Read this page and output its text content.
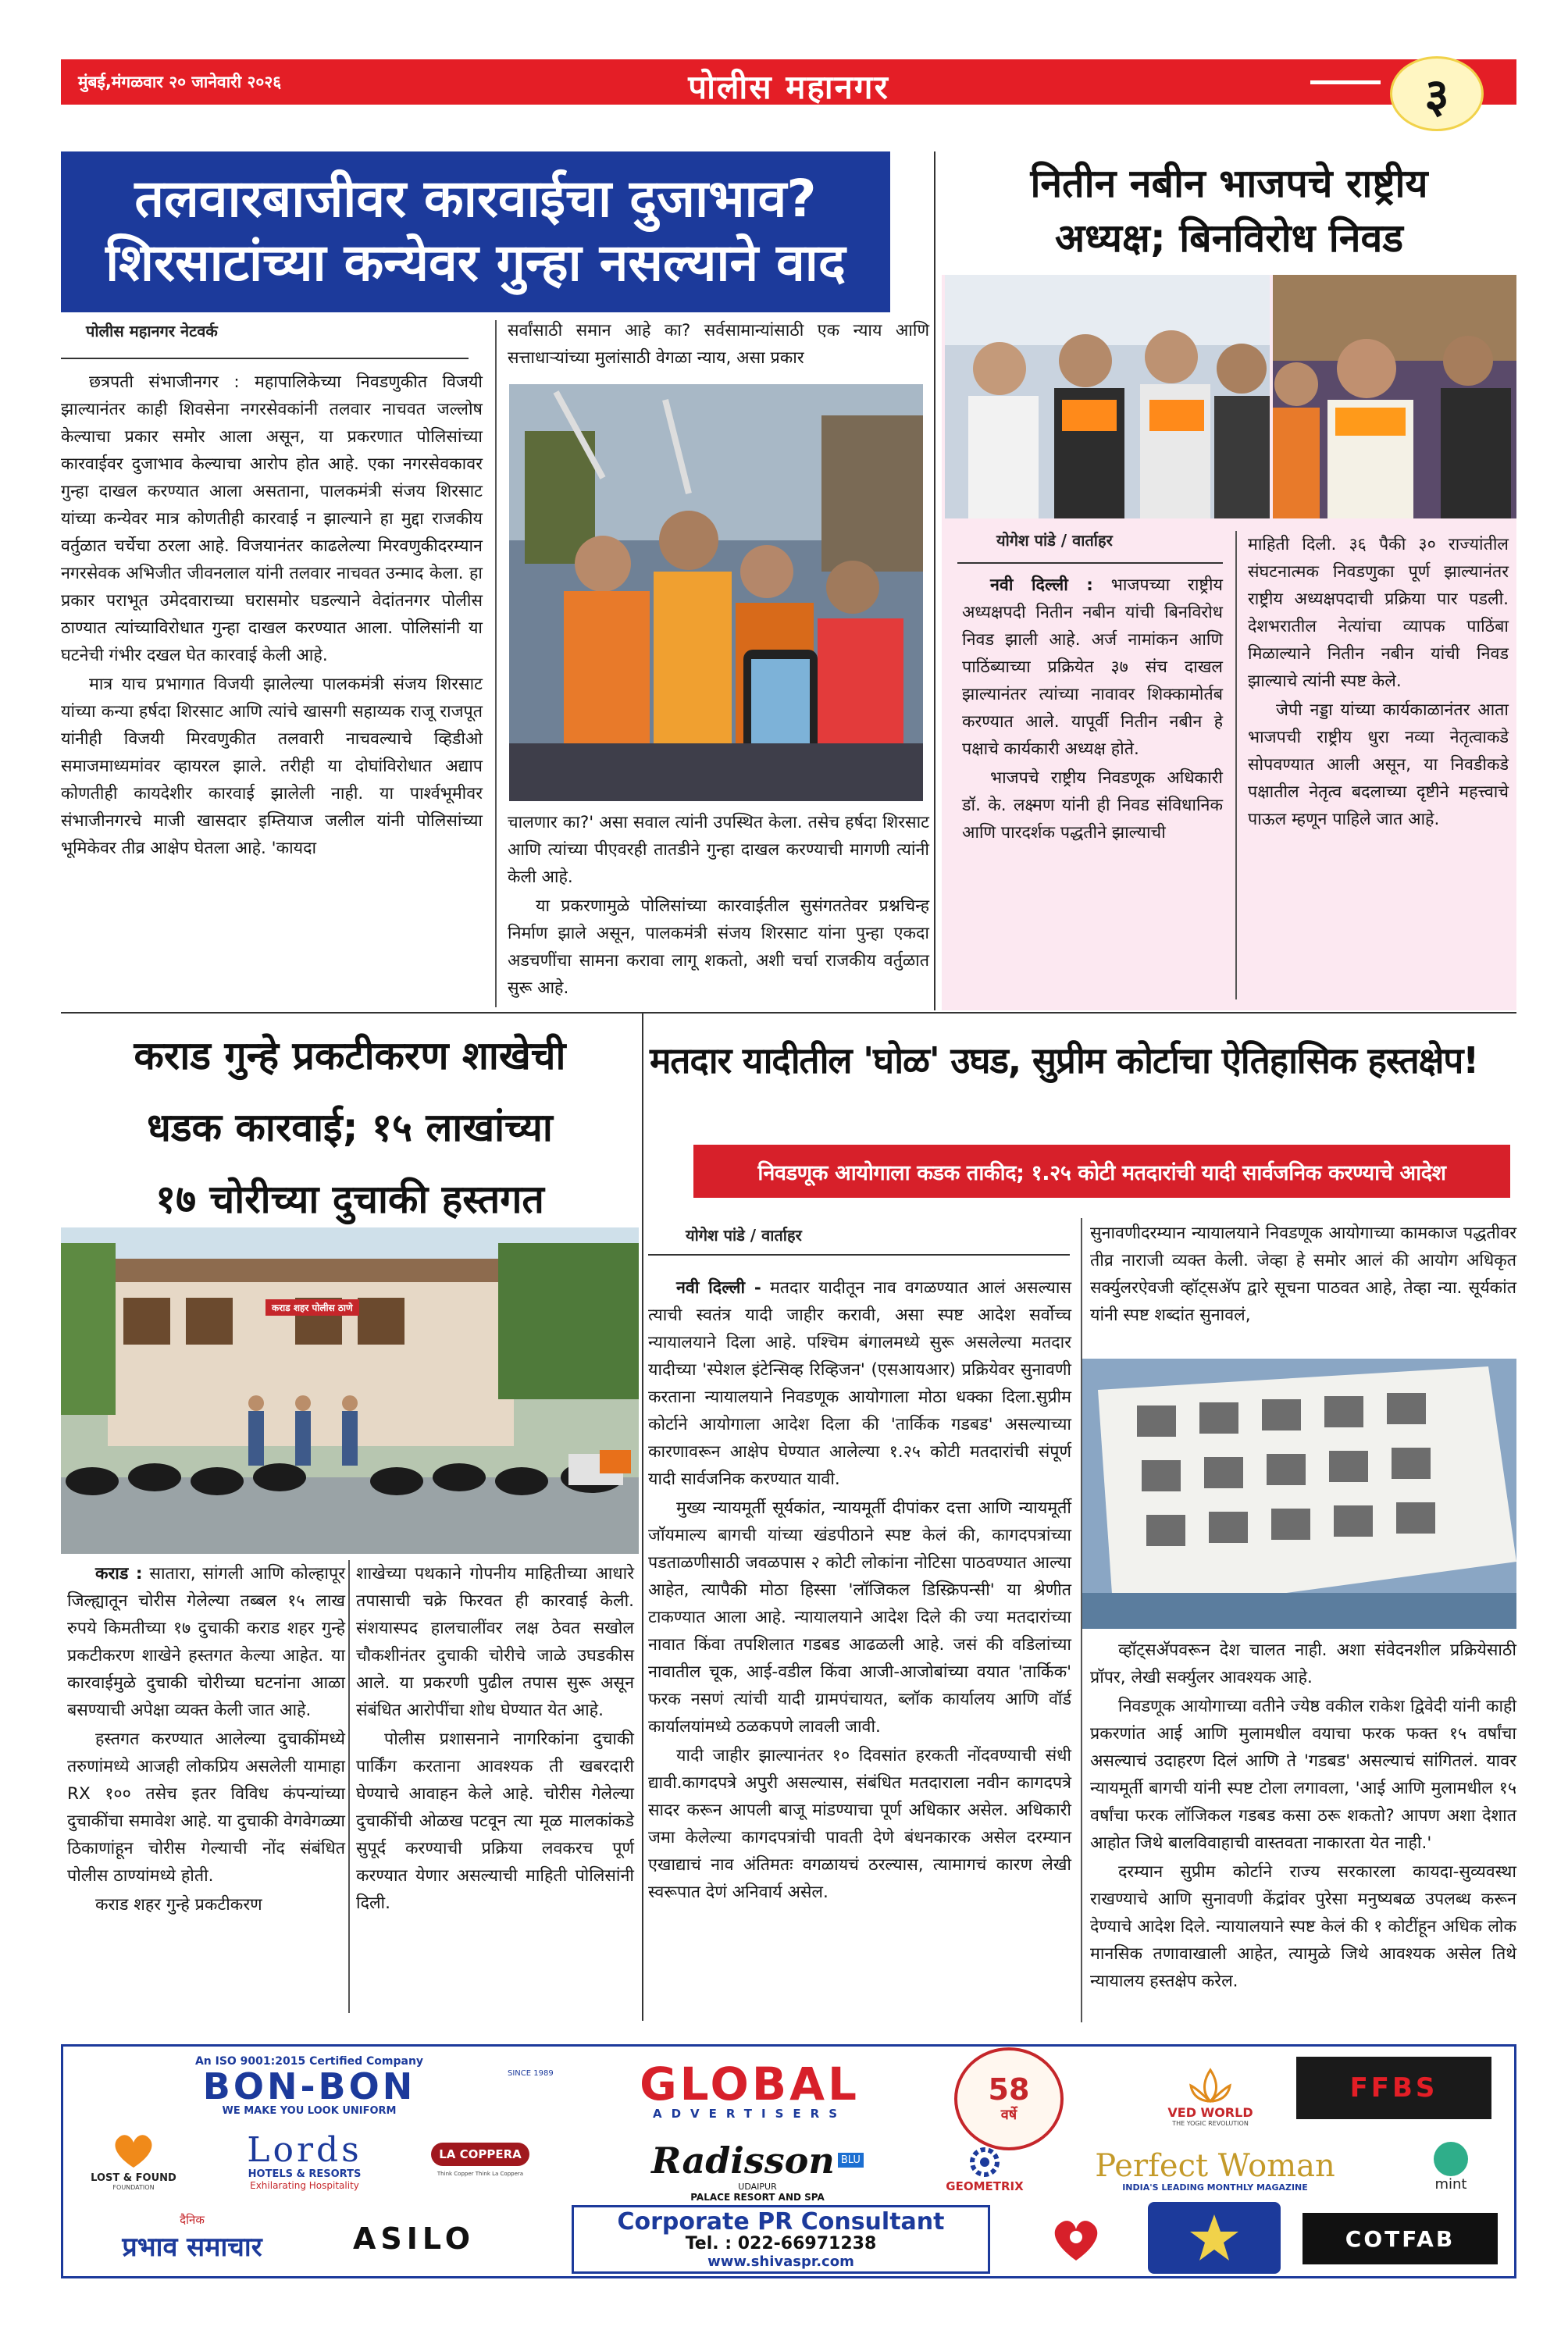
मुंबई,मंगळवार २० जानेवारी २०२६	पोलीस महानगर	३
तलवारबाजीवर कारवाईचा दुजाभाव?
शिरसाटांच्या कन्येवर गुन्हा नसल्याने वाद
पोलीस महानगर नेटवर्क

छत्रपती संभाजीनगर : महापालिकेच्या निवडणुकीत विजयी झाल्यानंतर काही शिवसेना नगरसेवकांनी तलवार नाचवत जल्लोष केल्याचा प्रकार समोर आला असून, या प्रकरणात पोलिसांच्या कारवाईवर दुजाभाव केल्याचा आरोप होत आहे. एका नगरसेवकावर गुन्हा दाखल करण्यात आला असताना, पालकमंत्री संजय शिरसाट यांच्या कन्येवर मात्र कोणतीही कारवाई न झाल्याने हा मुद्दा राजकीय वर्तुळात चर्चेचा ठरला आहे. विजयानंतर काढलेल्या मिरवणुकीदरम्यान नगरसेवक अभिजीत जीवनलाल यांनी तलवार नाचवत उन्माद केला. हा प्रकार पराभूत उमेदवाराच्या घरासमोर घडल्याने वेदांतनगर पोलीस ठाण्यात त्यांच्याविरोधात गुन्हा दाखल करण्यात आला. पोलिसांनी या घटनेची गंभीर दखल घेत कारवाई केली आहे.

मात्र याच प्रभागात विजयी झालेल्या पालकमंत्री संजय शिरसाट यांच्या कन्या हर्षदा शिरसाट आणि त्यांचे खासगी सहाय्यक राजू राजपूत यांनीही विजयी मिरवणुकीत तलवारी नाचवल्याचे व्हिडीओ समाजमाध्यमांवर व्हायरल झाले. तरीही या दोघांविरोधात अद्याप कोणतीही कायदेशीर कारवाई झालेली नाही. या पार्श्वभूमीवर संभाजीनगरचे माजी खासदार इम्तियाज जलील यांनी पोलिसांच्या भूमिकेवर तीव्र आक्षेप घेतला आहे. 'कायदा

सर्वांसाठी समान आहे का? सर्वसामान्यांसाठी एक न्याय आणि सत्ताधाऱ्यांच्या मुलांसाठी वेगळा न्याय, असा प्रकार

चालणार का?' असा सवाल त्यांनी उपस्थित केला. तसेच हर्षदा शिरसाट आणि त्यांच्या पीएवरही तातडीने गुन्हा दाखल करण्याची मागणी त्यांनी केली आहे.

या प्रकरणामुळे पोलिसांच्या कारवाईतील सुसंगततेवर प्रश्नचिन्ह निर्माण झाले असून, पालकमंत्री संजय शिरसाट यांना पुन्हा एकदा अडचणींचा सामना करावा लागू शकतो, अशी चर्चा राजकीय वर्तुळात सुरू आहे.

नितीन नबीन भाजपचे राष्ट्रीय
अध्यक्ष; बिनविरोध निवड
योगेश पांडे / वार्ताहर

नवी दिल्ली : भाजपच्या राष्ट्रीय अध्यक्षपदी नितीन नबीन यांची बिनविरोध निवड झाली आहे. अर्ज नामांकन आणि पाठिंब्याच्या प्रक्रियेत ३७ संच दाखल झाल्यानंतर त्यांच्या नावावर शिक्कामोर्तब करण्यात आले. यापूर्वी नितीन नबीन हे पक्षाचे कार्यकारी अध्यक्ष होते.

भाजपचे राष्ट्रीय निवडणूक अधिकारी डॉ. के. लक्ष्मण यांनी ही निवड संविधानिक आणि पारदर्शक पद्धतीने झाल्याची

माहिती दिली. ३६ पैकी ३० राज्यांतील संघटनात्मक निवडणुका पूर्ण झाल्यानंतर राष्ट्रीय अध्यक्षपदाची प्रक्रिया पार पडली. देशभरातील नेत्यांचा व्यापक पाठिंबा मिळाल्याने नितीन नबीन यांची निवड झाल्याचे त्यांनी स्पष्ट केले.

जेपी नड्डा यांच्या कार्यकाळानंतर आता भाजपची राष्ट्रीय धुरा नव्या नेतृत्वाकडे सोपवण्यात आली असून, या निवडीकडे पक्षातील नेतृत्व बदलाच्या दृष्टीने महत्त्वाचे पाऊल म्हणून पाहिले जात आहे.

कराड गुन्हे प्रकटीकरण शाखेची
धडक कारवाई; १५ लाखांच्या
१७ चोरीच्या दुचाकी हस्तगत
कराड शहर पोलीस ठाणे

कराड : सातारा, सांगली आणि कोल्हापूर जिल्ह्यातून चोरीस गेलेल्या तब्बल १५ लाख रुपये किमतीच्या १७ दुचाकी कराड शहर गुन्हे प्रकटीकरण शाखेने हस्तगत केल्या आहेत. या कारवाईमुळे दुचाकी चोरीच्या घटनांना आळा बसण्याची अपेक्षा व्यक्त केली जात आहे.

हस्तगत करण्यात आलेल्या दुचाकींमध्ये तरुणांमध्ये आजही लोकप्रिय असलेली यामाहा RX १०० तसेच इतर विविध कंपन्यांच्या दुचाकींचा समावेश आहे. या दुचाकी वेगवेगळ्या ठिकाणांहून चोरीस गेल्याची नोंद संबंधित पोलीस ठाण्यांमध्ये होती.

कराड शहर गुन्हे प्रकटीकरण

शाखेच्या पथकाने गोपनीय माहितीच्या आधारे तपासाची चक्रे फिरवत ही कारवाई केली. संशयास्पद हालचालींवर लक्ष ठेवत सखोल चौकशीनंतर दुचाकी चोरीचे जाळे उघडकीस आले. या प्रकरणी पुढील तपास सुरू असून संबंधित आरोपींचा शोध घेण्यात येत आहे.

पोलीस प्रशासनाने नागरिकांना दुचाकी पार्किंग करताना आवश्यक ती खबरदारी घेण्याचे आवाहन केले आहे. चोरीस गेलेल्या दुचाकींची ओळख पटवून त्या मूळ मालकांकडे सुपूर्द करण्याची प्रक्रिया लवकरच पूर्ण करण्यात येणार असल्याची माहिती पोलिसांनी दिली.

मतदार यादीतील 'घोळ' उघड, सुप्रीम कोर्टाचा ऐतिहासिक हस्तक्षेप!
निवडणूक आयोगाला कडक ताकीद; १.२५ कोटी मतदारांची यादी सार्वजनिक करण्याचे आदेश
योगेश पांडे / वार्ताहर

नवी दिल्ली - मतदार यादीतून नाव वगळण्यात आलं असल्यास त्याची स्वतंत्र यादी जाहीर करावी, असा स्पष्ट आदेश सर्वोच्च न्यायालयाने दिला आहे. पश्चिम बंगालमध्ये सुरू असलेल्या मतदार यादीच्या 'स्पेशल इंटेन्सिव्ह रिव्हिजन' (एसआयआर) प्रक्रियेवर सुनावणी करताना न्यायालयाने निवडणूक आयोगाला मोठा धक्का दिला.सुप्रीम कोर्टाने आयोगाला आदेश दिला की 'तार्किक गडबड' असल्याच्या कारणावरून आक्षेप घेण्यात आलेल्या १.२५ कोटी मतदारांची संपूर्ण यादी सार्वजनिक करण्यात यावी.

मुख्य न्यायमूर्ती सूर्यकांत, न्यायमूर्ती दीपांकर दत्ता आणि न्यायमूर्ती जॉयमाल्य बागची यांच्या खंडपीठाने स्पष्ट केलं की, कागदपत्रांच्या पडताळणीसाठी जवळपास २ कोटी लोकांना नोटिसा पाठवण्यात आल्या आहेत, त्यापैकी मोठा हिस्सा 'लॉजिकल डिस्क्रिपन्सी' या श्रेणीत टाकण्यात आला आहे. न्यायालयाने आदेश दिले की ज्या मतदारांच्या नावात किंवा तपशिलात गडबड आढळली आहे. जसं की वडिलांच्या नावातील चूक, आई-वडील किंवा आजी-आजोबांच्या वयात 'तार्किक' फरक नसणं त्यांची यादी ग्रामपंचायत, ब्लॉक कार्यालय आणि वॉर्ड कार्यालयांमध्ये ठळकपणे लावली जावी.

यादी जाहीर झाल्यानंतर १० दिवसांत हरकती नोंदवण्याची संधी द्यावी.कागदपत्रे अपुरी असल्यास, संबंधित मतदाराला नवीन कागदपत्रे सादर करून आपली बाजू मांडण्याचा पूर्ण अधिकार असेल. अधिकारी जमा केलेल्या कागदपत्रांची पावती देणे बंधनकारक असेल दरम्यान एखाद्याचं नाव अंतिमतः वगळायचं ठरल्यास, त्यामागचं कारण लेखी स्वरूपात देणं अनिवार्य असेल.

सुनावणीदरम्यान न्यायालयाने निवडणूक आयोगाच्या कामकाज पद्धतीवर तीव्र नाराजी व्यक्त केली. जेव्हा हे समोर आलं की आयोग अधिकृत सर्क्युलरऐवजी व्हॉट्सअ‍ॅप द्वारे सूचना पाठवत आहे, तेव्हा न्या. सूर्यकांत यांनी स्पष्ट शब्दांत सुनावलं,

व्हॉट्सअ‍ॅपवरून देश चालत नाही. अशा संवेदनशील प्रक्रियेसाठी प्रॉपर, लेखी सर्क्युलर आवश्यक आहे.

निवडणूक आयोगाच्या वतीने ज्येष्ठ वकील राकेश द्विवेदी यांनी काही प्रकरणांत आई आणि मुलामधील वयाचा फरक फक्त १५ वर्षांचा असल्याचं उदाहरण दिलं आणि ते 'गडबड' असल्याचं सांगितलं. यावर न्यायमूर्ती बागची यांनी स्पष्ट टोला लगावला, 'आई आणि मुलामधील १५ वर्षांचा फरक लॉजिकल गडबड कसा ठरू शकतो? आपण अशा देशात आहोत जिथे बालविवाहाची वास्तवता नाकारता येत नाही.'

दरम्यान सुप्रीम कोर्टाने राज्य सरकारला कायदा-सुव्यवस्था राखण्याचे आणि सुनावणी केंद्रांवर पुरेसा मनुष्यबळ उपलब्ध करून देण्याचे आदेश दिले. न्यायालयाने स्पष्ट केलं की १ कोटींहून अधिक लोक मानसिक तणावाखाली आहेत, त्यामुळे जिथे आवश्यक असेल तिथे न्यायालय हस्तक्षेप करेल.

An ISO 9001:2015 Certified Company
BON-BON
WE MAKE YOU LOOK UNIFORM
SINCE 1989 GLOBAL
ADVERTISERS
58
वर्षे	VED WORLD
THE YOGIC REVOLUTION
FFBS
LOST & FOUND
FOUNDATION
Lords
HOTELS & RESORTS
Exhilarating Hospitality
LA COPPERA
Think Copper Think La Coppera	Radisson BLU
UDAIPUR
PALACE RESORT AND SPA
GEOMETRIX
Perfect Woman
INDIA'S LEADING MONTHLY MAGAZINE	mint
दैनिक
प्रभाव समाचार	ASILO	Corporate PR Consultant
Tel. : 022-66971238
www.shivaspr.com
COTFAB
